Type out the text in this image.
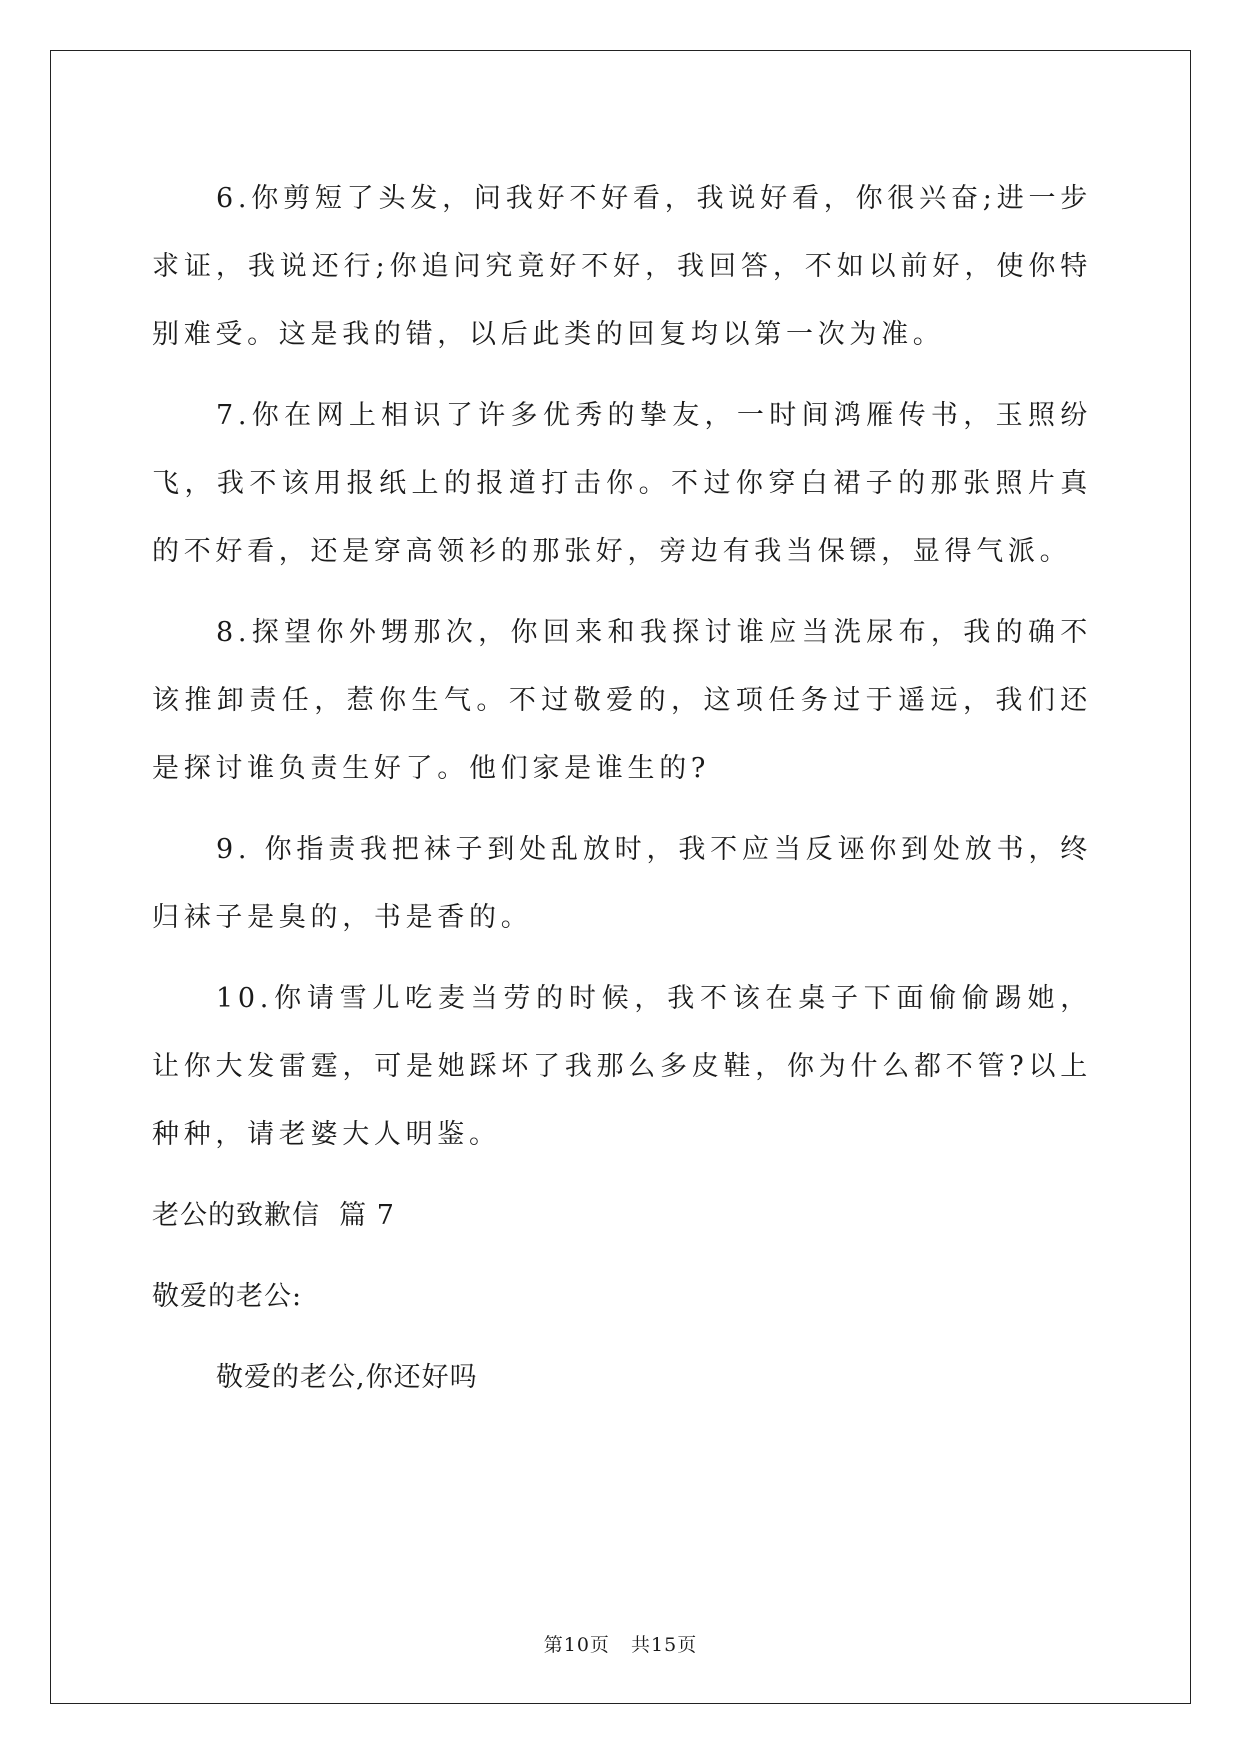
6.你剪短了头发，问我好不好看，我说好看，你很兴奋;进一步求证，我说还行;你追问究竟好不好，我回答，不如以前好，使你特别难受。这是我的错，以后此类的回复均以第一次为准。

7.你在网上相识了许多优秀的挚友，一时间鸿雁传书，玉照纷飞，我不该用报纸上的报道打击你。不过你穿白裙子的那张照片真的不好看，还是穿高领衫的那张好，旁边有我当保镖，显得气派。

8.探望你外甥那次，你回来和我探讨谁应当洗尿布，我的确不该推卸责任，惹你生气。不过敬爱的，这项任务过于遥远，我们还是探讨谁负责生好了。他们家是谁生的?

9. 你指责我把袜子到处乱放时，我不应当反诬你到处放书，终归袜子是臭的，书是香的。

10.你请雪儿吃麦当劳的时候，我不该在桌子下面偷偷踢她，让你大发雷霆，可是她踩坏了我那么多皮鞋，你为什么都不管?以上种种，请老婆大人明鉴。

老公的致歉信  篇 7

敬爱的老公:

敬爱的老公,你还好吗

第10页   共15页
